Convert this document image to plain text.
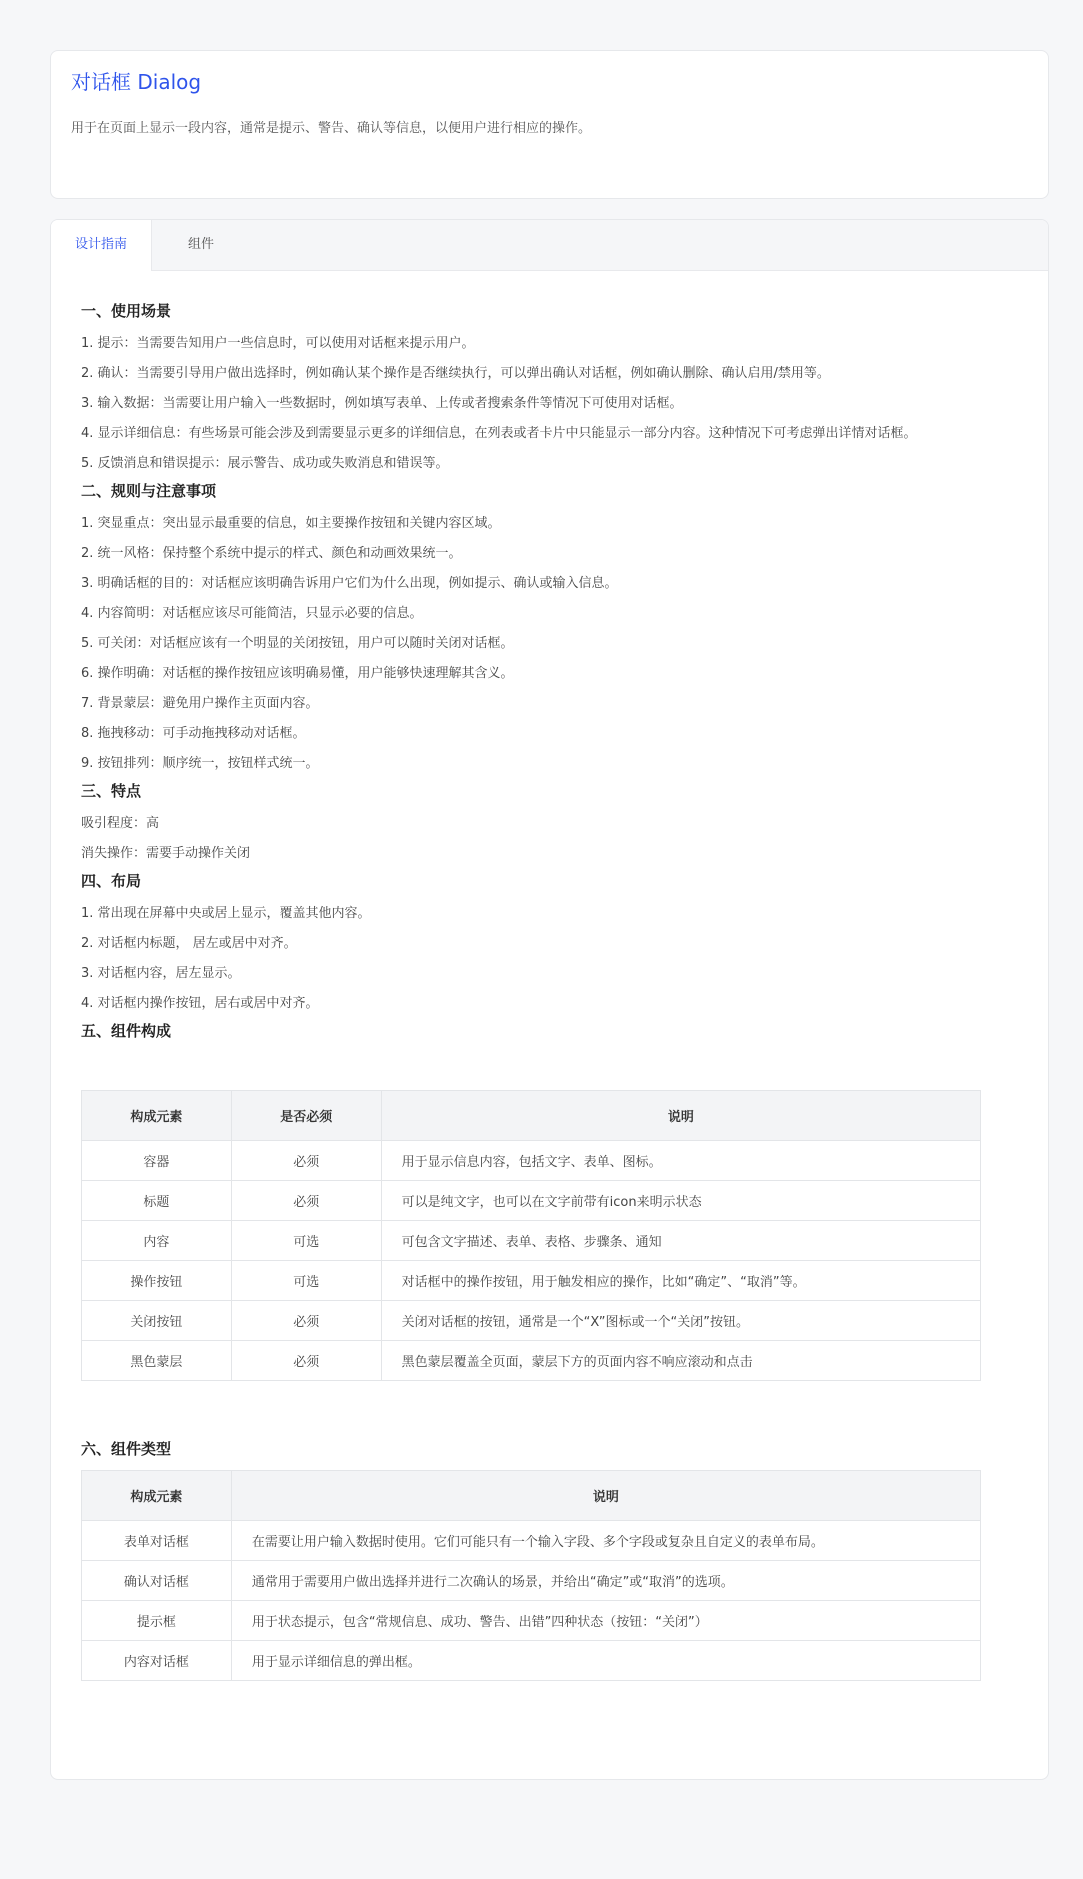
对话框 Dialog
用于在页面上显示一段内容，通常是提示、警告、确认等信息，以便用户进行相应的操作。
设计指南	组件
一、使用场景
1. 提示：当需要告知用户一些信息时，可以使用对话框来提示用户。
2. 确认：当需要引导用户做出选择时，例如确认某个操作是否继续执行，可以弹出确认对话框，例如确认删除、确认启用/禁用等。
3. 输入数据：当需要让用户输入一些数据时，例如填写表单、上传或者搜索条件等情况下可使用对话框。
4. 显示详细信息：有些场景可能会涉及到需要显示更多的详细信息，在列表或者卡片中只能显示一部分内容。这种情况下可考虑弹出详情对话框。
5. 反馈消息和错误提示：展示警告、成功或失败消息和错误等。
二、规则与注意事项
1. 突显重点：突出显示最重要的信息，如主要操作按钮和关键内容区域。
2. 统一风格：保持整个系统中提示的样式、颜色和动画效果统一。
3. 明确话框的目的：对话框应该明确告诉用户它们为什么出现，例如提示、确认或输入信息。
4. 内容简明：对话框应该尽可能简洁，只显示必要的信息。
5. 可关闭：对话框应该有一个明显的关闭按钮，用户可以随时关闭对话框。
6. 操作明确：对话框的操作按钮应该明确易懂，用户能够快速理解其含义。
7. 背景蒙层：避免用户操作主页面内容。
8. 拖拽移动：可手动拖拽移动对话框。
9. 按钮排列：顺序统一，按钮样式统一。
三、特点
吸引程度：高
消失操作：需要手动操作关闭
四、布局
1. 常出现在屏幕中央或居上显示，覆盖其他内容。
2. 对话框内标题， 居左或居中对齐。
3. 对话框内容，居左显示。
4. 对话框内操作按钮，居右或居中对齐。
五、组件构成
构成元素	是否必须	说明
容器	必须	用于显示信息内容，包括文字、表单、图标。
标题	必须	可以是纯文字，也可以在文字前带有icon来明示状态
内容	可选	可包含文字描述、表单、表格、步骤条、通知
操作按钮	可选	对话框中的操作按钮，用于触发相应的操作，比如“确定”、“取消”等。
关闭按钮	必须	关闭对话框的按钮，通常是一个“X”图标或一个“关闭”按钮。
黑色蒙层	必须	黑色蒙层覆盖全页面，蒙层下方的页面内容不响应滚动和点击
六、组件类型
构成元素	说明
表单对话框	在需要让用户输入数据时使用。它们可能只有一个输入字段、多个字段或复杂且自定义的表单布局。
确认对话框	通常用于需要用户做出选择并进行二次确认的场景，并给出“确定”或“取消”的选项。
提示框	用于状态提示，包含“常规信息、成功、警告、出错”四种状态（按钮：“关闭”）
内容对话框	用于显示详细信息的弹出框。
